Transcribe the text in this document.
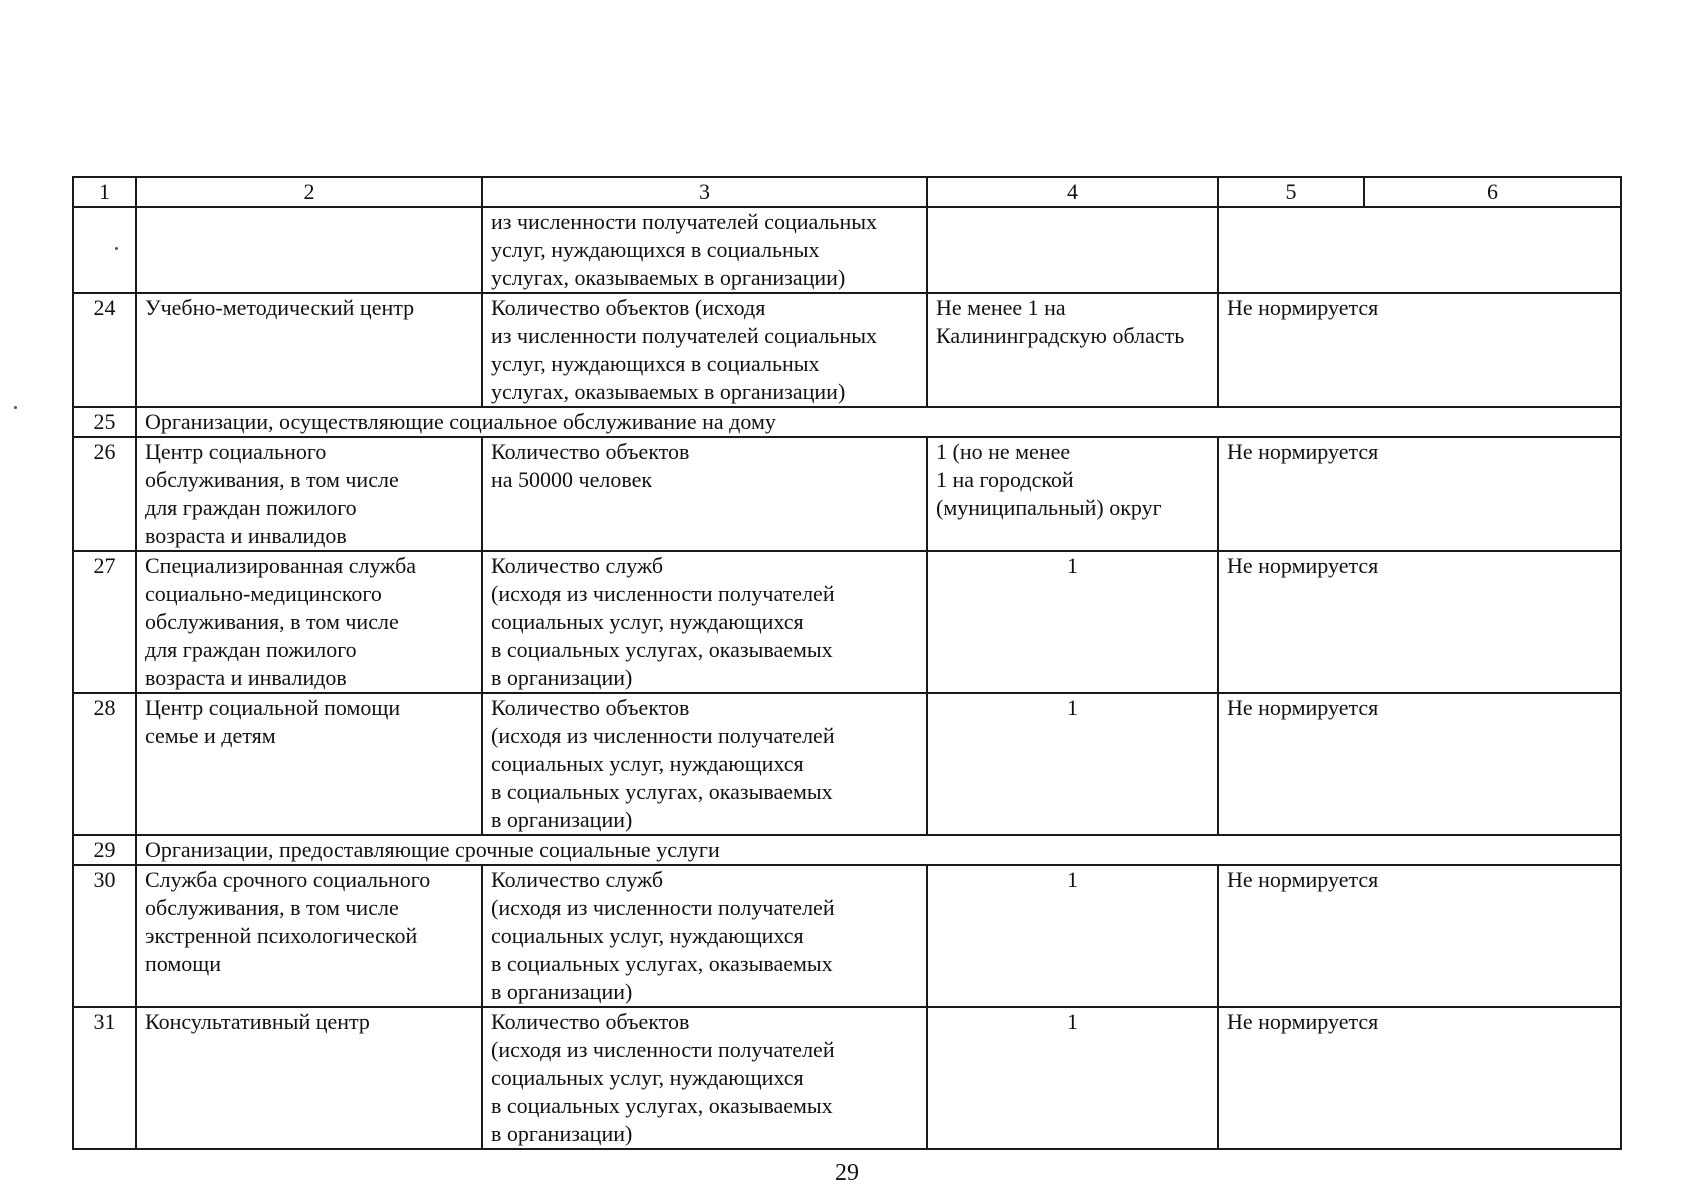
1	2	3	4	5	6
		из численности получателей социальных
услуг, нуждающихся в социальных
услугах, оказываемых в организации)			
24	Учебно-методический центр	Количество объектов (исходя
из численности получателей социальных
услуг, нуждающихся в социальных
услугах, оказываемых в организации)	Не менее 1 на
Калининградскую область	Не нормируется	
25	Организации, осуществляющие социальное обслуживание на дому				
26	Центр социального
обслуживания, в том числе
для граждан пожилого
возраста и инвалидов	Количество объектов
на 50000 человек	1 (но не менее
1 на городской
(муниципальный) округ	Не нормируется	
27	Специализированная служба
социально-медицинского
обслуживания, в том числе
для граждан пожилого
возраста и инвалидов	Количество служб
(исходя из численности получателей
социальных услуг, нуждающихся
в социальных услугах, оказываемых
в организации)	1	Не нормируется	
28	Центр социальной помощи
семье и детям	Количество объектов
(исходя из численности получателей
социальных услуг, нуждающихся
в социальных услугах, оказываемых
в организации)	1	Не нормируется	
29	Организации, предоставляющие срочные социальные услуги				
30	Служба срочного социального
обслуживания, в том числе
экстренной психологической
помощи	Количество служб
(исходя из численности получателей
социальных услуг, нуждающихся
в социальных услугах, оказываемых
в организации)	1	Не нормируется	
31	Консультативный центр	Количество объектов
(исходя из численности получателей
социальных услуг, нуждающихся
в социальных услугах, оказываемых
в организации)	1	Не нормируется	
29
